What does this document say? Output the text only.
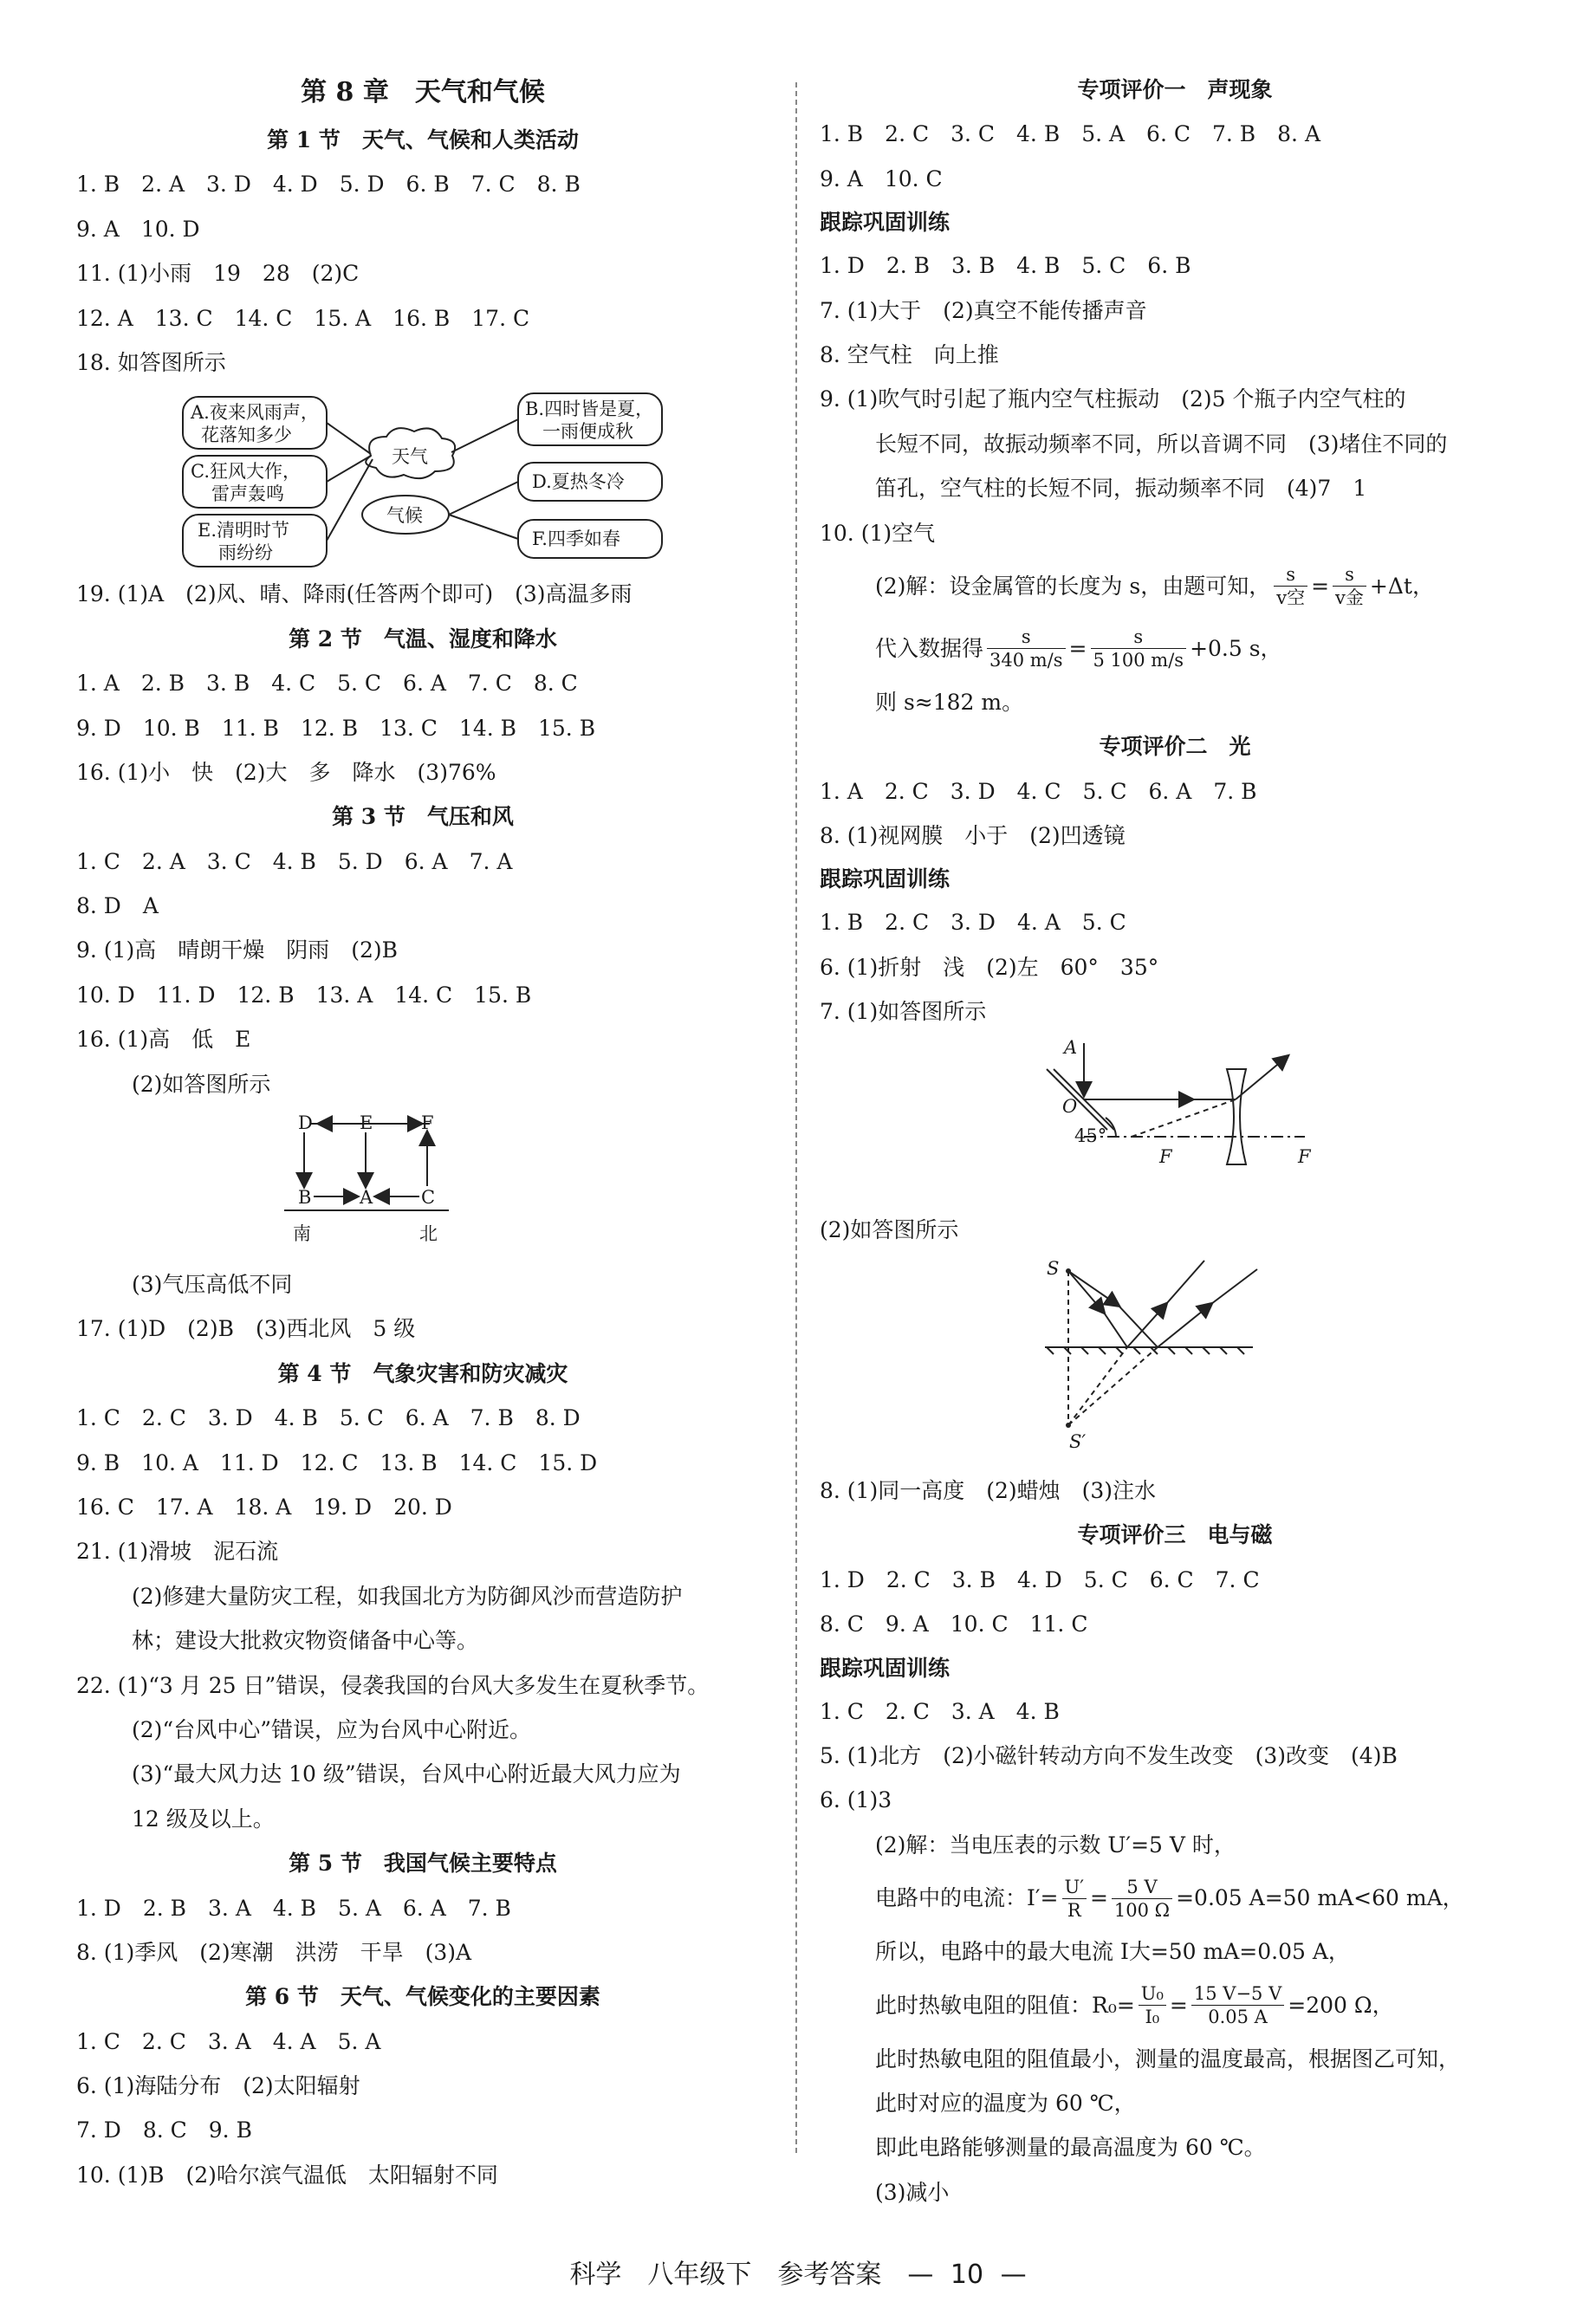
第 8 章　天气和气候
第 1 节　天气、气候和人类活动
1. B　2. A　3. D　4. D　5. D　6. B　7. C　8. B
9. A　10. D
11. (1)小雨　19　28　(2)C
12. A　13. C　14. C　15. A　16. B　17. C
18. 如答图所示
A.夜来风雨声，
花落知多少
C.狂风大作，
雷声轰鸣
E.清明时节
雨纷纷
B.四时皆是夏，
一雨便成秋
D.夏热冬冷
F.四季如春
天气
气候
19. (1)A　(2)风、晴、降雨(任答两个即可)　(3)高温多雨
第 2 节　气温、湿度和降水
1. A　2. B　3. B　4. C　5. C　6. A　7. C　8. C
9. D　10. B　11. B　12. B　13. C　14. B　15. B
16. (1)小　快　(2)大　多　降水　(3)76%
第 3 节　气压和风
1. C　2. A　3. C　4. B　5. D　6. A　7. A
8. D　A
9. (1)高　晴朗干燥　阴雨　(2)B
10. D　11. D　12. B　13. A　14. C　15. B
16. (1)高　低　E
(2)如答图所示
D	E	F
B	A	C
南	北
(3)气压高低不同
17. (1)D　(2)B　(3)西北风　5 级
第 4 节　气象灾害和防灾减灾
1. C　2. C　3. D　4. B　5. C　6. A　7. B　8. D
9. B　10. A　11. D　12. C　13. B　14. C　15. D
16. C　17. A　18. A　19. D　20. D
21. (1)滑坡　泥石流
(2)修建大量防灾工程，如我国北方为防御风沙而营造防护
林；建设大批救灾物资储备中心等。
22. (1)“3 月 25 日”错误，侵袭我国的台风大多发生在夏秋季节。
(2)“台风中心”错误，应为台风中心附近。
(3)“最大风力达 10 级”错误，台风中心附近最大风力应为
12 级及以上。
第 5 节　我国气候主要特点
1. D　2. B　3. A　4. B　5. A　6. A　7. B
8. (1)季风　(2)寒潮　洪涝　干旱　(3)A
第 6 节　天气、气候变化的主要因素
1. C　2. C　3. A　4. A　5. A
6. (1)海陆分布　(2)太阳辐射
7. D　8. C　9. B
10. (1)B　(2)哈尔滨气温低　太阳辐射不同
专项评价一　声现象
1. B　2. C　3. C　4. B　5. A　6. C　7. B　8. A
9. A　10. C
跟踪巩固训练
1. D　2. B　3. B　4. B　5. C　6. B
7. (1)大于　(2)真空不能传播声音
8. 空气柱　向上推
9. (1)吹气时引起了瓶内空气柱振动　(2)5 个瓶子内空气柱的
长短不同，故振动频率不同，所以音调不同　(3)堵住不同的
笛孔，空气柱的长短不同，振动频率不同　(4)7　1
10. (1)空气
(2)解：设金属管的长度为 s，由题可知， $\frac{s}{\text{v空}} = \frac{s}{\text{v金}} +\Delta t$，
代入数据得 $\frac{s}{340 m/s} = \frac{s}{5 100 m/s} +0.5$ s，
则 s≈182 m。
专项评价二　光
1. A　2. C　3. D　4. C　5. C　6. A　7. B
8. (1)视网膜　小于　(2)凹透镜
跟踪巩固训练
1. B　2. C　3. D　4. A　5. C
6. (1)折射　浅　(2)左　60°　35°
7. (1)如答图所示
A
O
45°
F	F
(2)如答图所示
S
S′
8. (1)同一高度　(2)蜡烛　(3)注水
专项评价三　电与磁
1. D　2. C　3. B　4. D　5. C　6. C　7. C
8. C　9. A　10. C　11. C
跟踪巩固训练
1. C　2. C　3. A　4. B
5. (1)北方　(2)小磁针转动方向不发生改变　(3)改变　(4)B
6. (1)3
(2)解：当电压表的示数 U′=5 V 时，
电路中的电流：$I'= \frac{U'}{R} = \frac{5 V}{100 \Omega} =0.05$ A=50 mA<60 mA，
所以，电路中的最大电流 I大=50 mA=0.05 A，
此时热敏电阻的阻值：$R_0= \frac{\text{U₀}}{\text{I₀}} = \frac{15 V-5 V}{0.05 A} =200$ Ω，
此时热敏电阻的阻值最小，测量的温度最高，根据图乙可知，
此时对应的温度为 60 ℃，
即此电路能够测量的最高温度为 60 ℃。
(3)减小
科学　八年级下　参考答案　— 10 —
